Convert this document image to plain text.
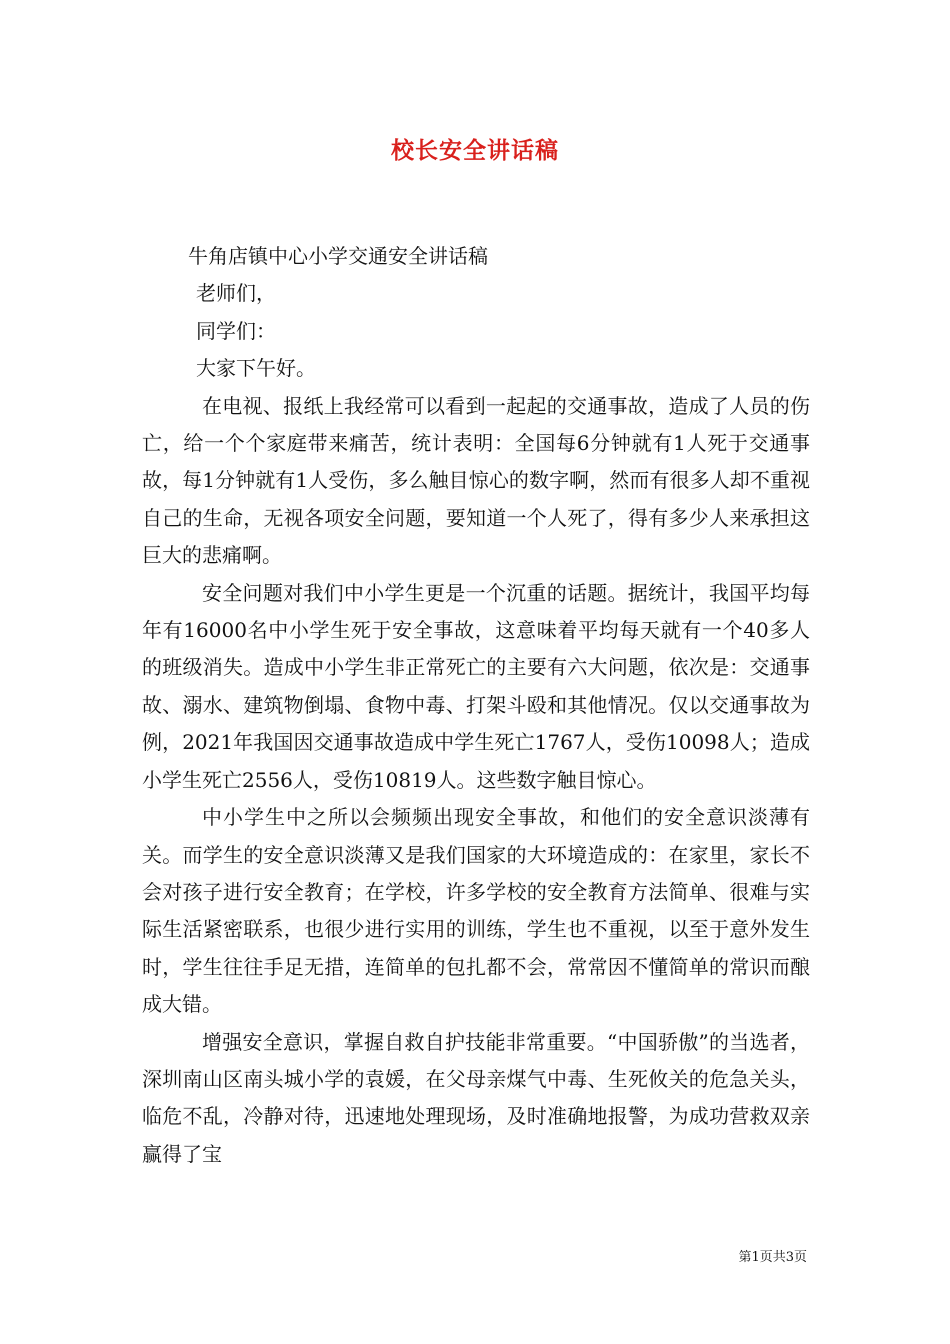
校长安全讲话稿

牛角店镇中心小学交通安全讲话稿

老师们，

同学们：

大家下午好。

在电视、报纸上我经常可以看到一起起的交通事故，造成了人员的伤亡，给一个个家庭带来痛苦，统计表明：全国每6分钟就有1人死于交通事故，每1分钟就有1人受伤，多么触目惊心的数字啊，然而有很多人却不重视自己的生命，无视各项安全问题，要知道一个人死了，得有多少人来承担这巨大的悲痛啊。

安全问题对我们中小学生更是一个沉重的话题。据统计，我国平均每年有16000名中小学生死于安全事故，这意味着平均每天就有一个40多人的班级消失。造成中小学生非正常死亡的主要有六大问题，依次是：交通事故、溺水、建筑物倒塌、食物中毒、打架斗殴和其他情况。仅以交通事故为例，2021年我国因交通事故造成中学生死亡1767人，受伤10098人；造成小学生死亡2556人，受伤10819人。这些数字触目惊心。

中小学生中之所以会频频出现安全事故，和他们的安全意识淡薄有关。而学生的安全意识淡薄又是我们国家的大环境造成的：在家里，家长不会对孩子进行安全教育；在学校，许多学校的安全教育方法简单、很难与实际生活紧密联系，也很少进行实用的训练，学生也不重视，以至于意外发生时，学生往往手足无措，连简单的包扎都不会，常常因不懂简单的常识而酿成大错。

增强安全意识，掌握自救自护技能非常重要。“中国骄傲”的当选者，深圳南山区南头城小学的袁媛，在父母亲煤气中毒、生死攸关的危急关头，临危不乱，冷静对待，迅速地处理现场，及时准确地报警，为成功营救双亲赢得了宝

第1页共3页
